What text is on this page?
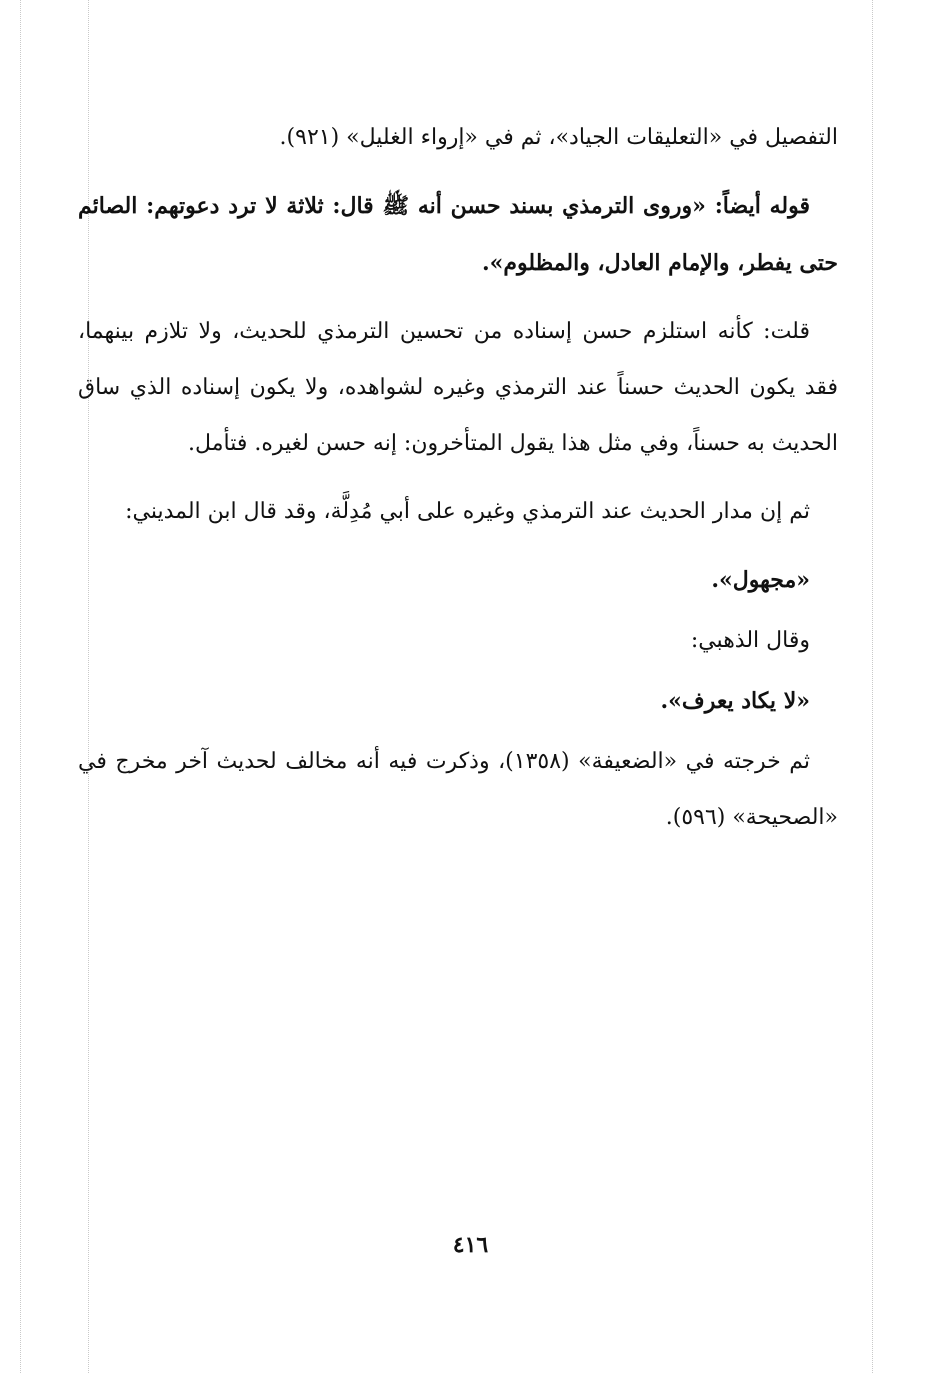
التفصيل في «التعليقات الجياد»، ثم في «إرواء الغليل» (٩٢١).

قوله أيضاً: «وروى الترمذي بسند حسن أنه ﷺ قال: ثلاثة لا ترد دعوتهم: الصائم حتى يفطر، والإمام العادل، والمظلوم».

قلت: كأنه استلزم حسن إسناده من تحسين الترمذي للحديث، ولا تلازم بينهما، فقد يكون الحديث حسناً عند الترمذي وغيره لشواهده، ولا يكون إسناده الذي ساق الحديث به حسناً، وفي مثل هذا يقول المتأخرون: إنه حسن لغيره. فتأمل.

ثم إن مدار الحديث عند الترمذي وغيره على أبي مُدِلَّة، وقد قال ابن المديني:

«مجهول».

وقال الذهبي:

«لا يكاد يعرف».

ثم خرجته في «الضعيفة» (١٣٥٨)، وذكرت فيه أنه مخالف لحديث آخر مخرج في «الصحيحة» (٥٩٦).

٤١٦
